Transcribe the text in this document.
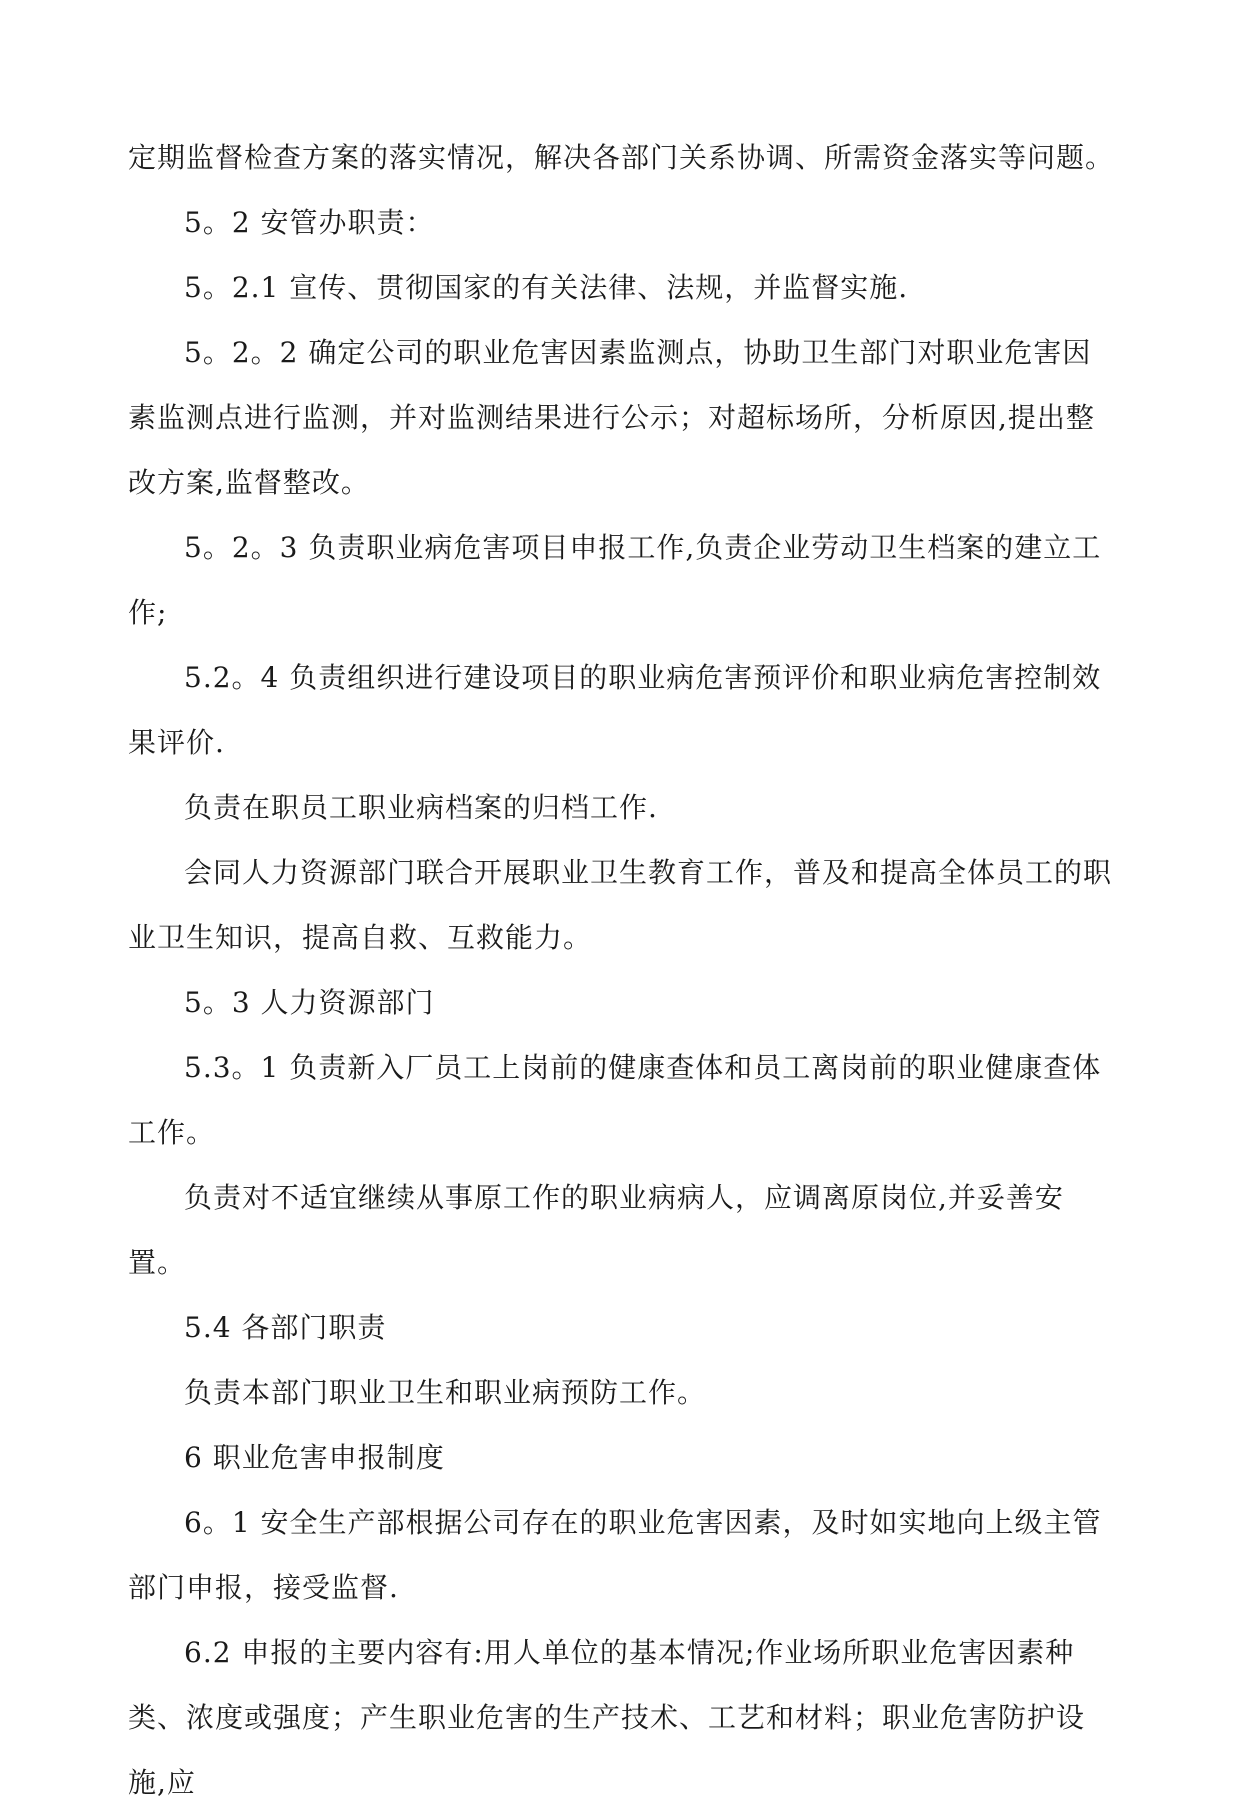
定期监督检查方案的落实情况，解决各部门关系协调、所需资金落实等问题。

5。2 安管办职责：

5。2.1 宣传、贯彻国家的有关法律、法规，并监督实施.

5。2。2 确定公司的职业危害因素监测点，协助卫生部门对职业危害因素监测点进行监测，并对监测结果进行公示；对超标场所，分析原因,提出整改方案,监督整改。

5。2。3 负责职业病危害项目申报工作,负责企业劳动卫生档案的建立工作;

5.2。4 负责组织进行建设项目的职业病危害预评价和职业病危害控制效果评价.

负责在职员工职业病档案的归档工作.

会同人力资源部门联合开展职业卫生教育工作，普及和提高全体员工的职业卫生知识，提高自救、互救能力。

5。3 人力资源部门

5.3。1 负责新入厂员工上岗前的健康查体和员工离岗前的职业健康查体工作。

负责对不适宜继续从事原工作的职业病病人，应调离原岗位,并妥善安置。

5.4 各部门职责

负责本部门职业卫生和职业病预防工作。

6 职业危害申报制度

6。1 安全生产部根据公司存在的职业危害因素，及时如实地向上级主管部门申报，接受监督.

6.2 申报的主要内容有:用人单位的基本情况;作业场所职业危害因素种类、浓度或强度；产生职业危害的生产技术、工艺和材料；职业危害防护设施,应
